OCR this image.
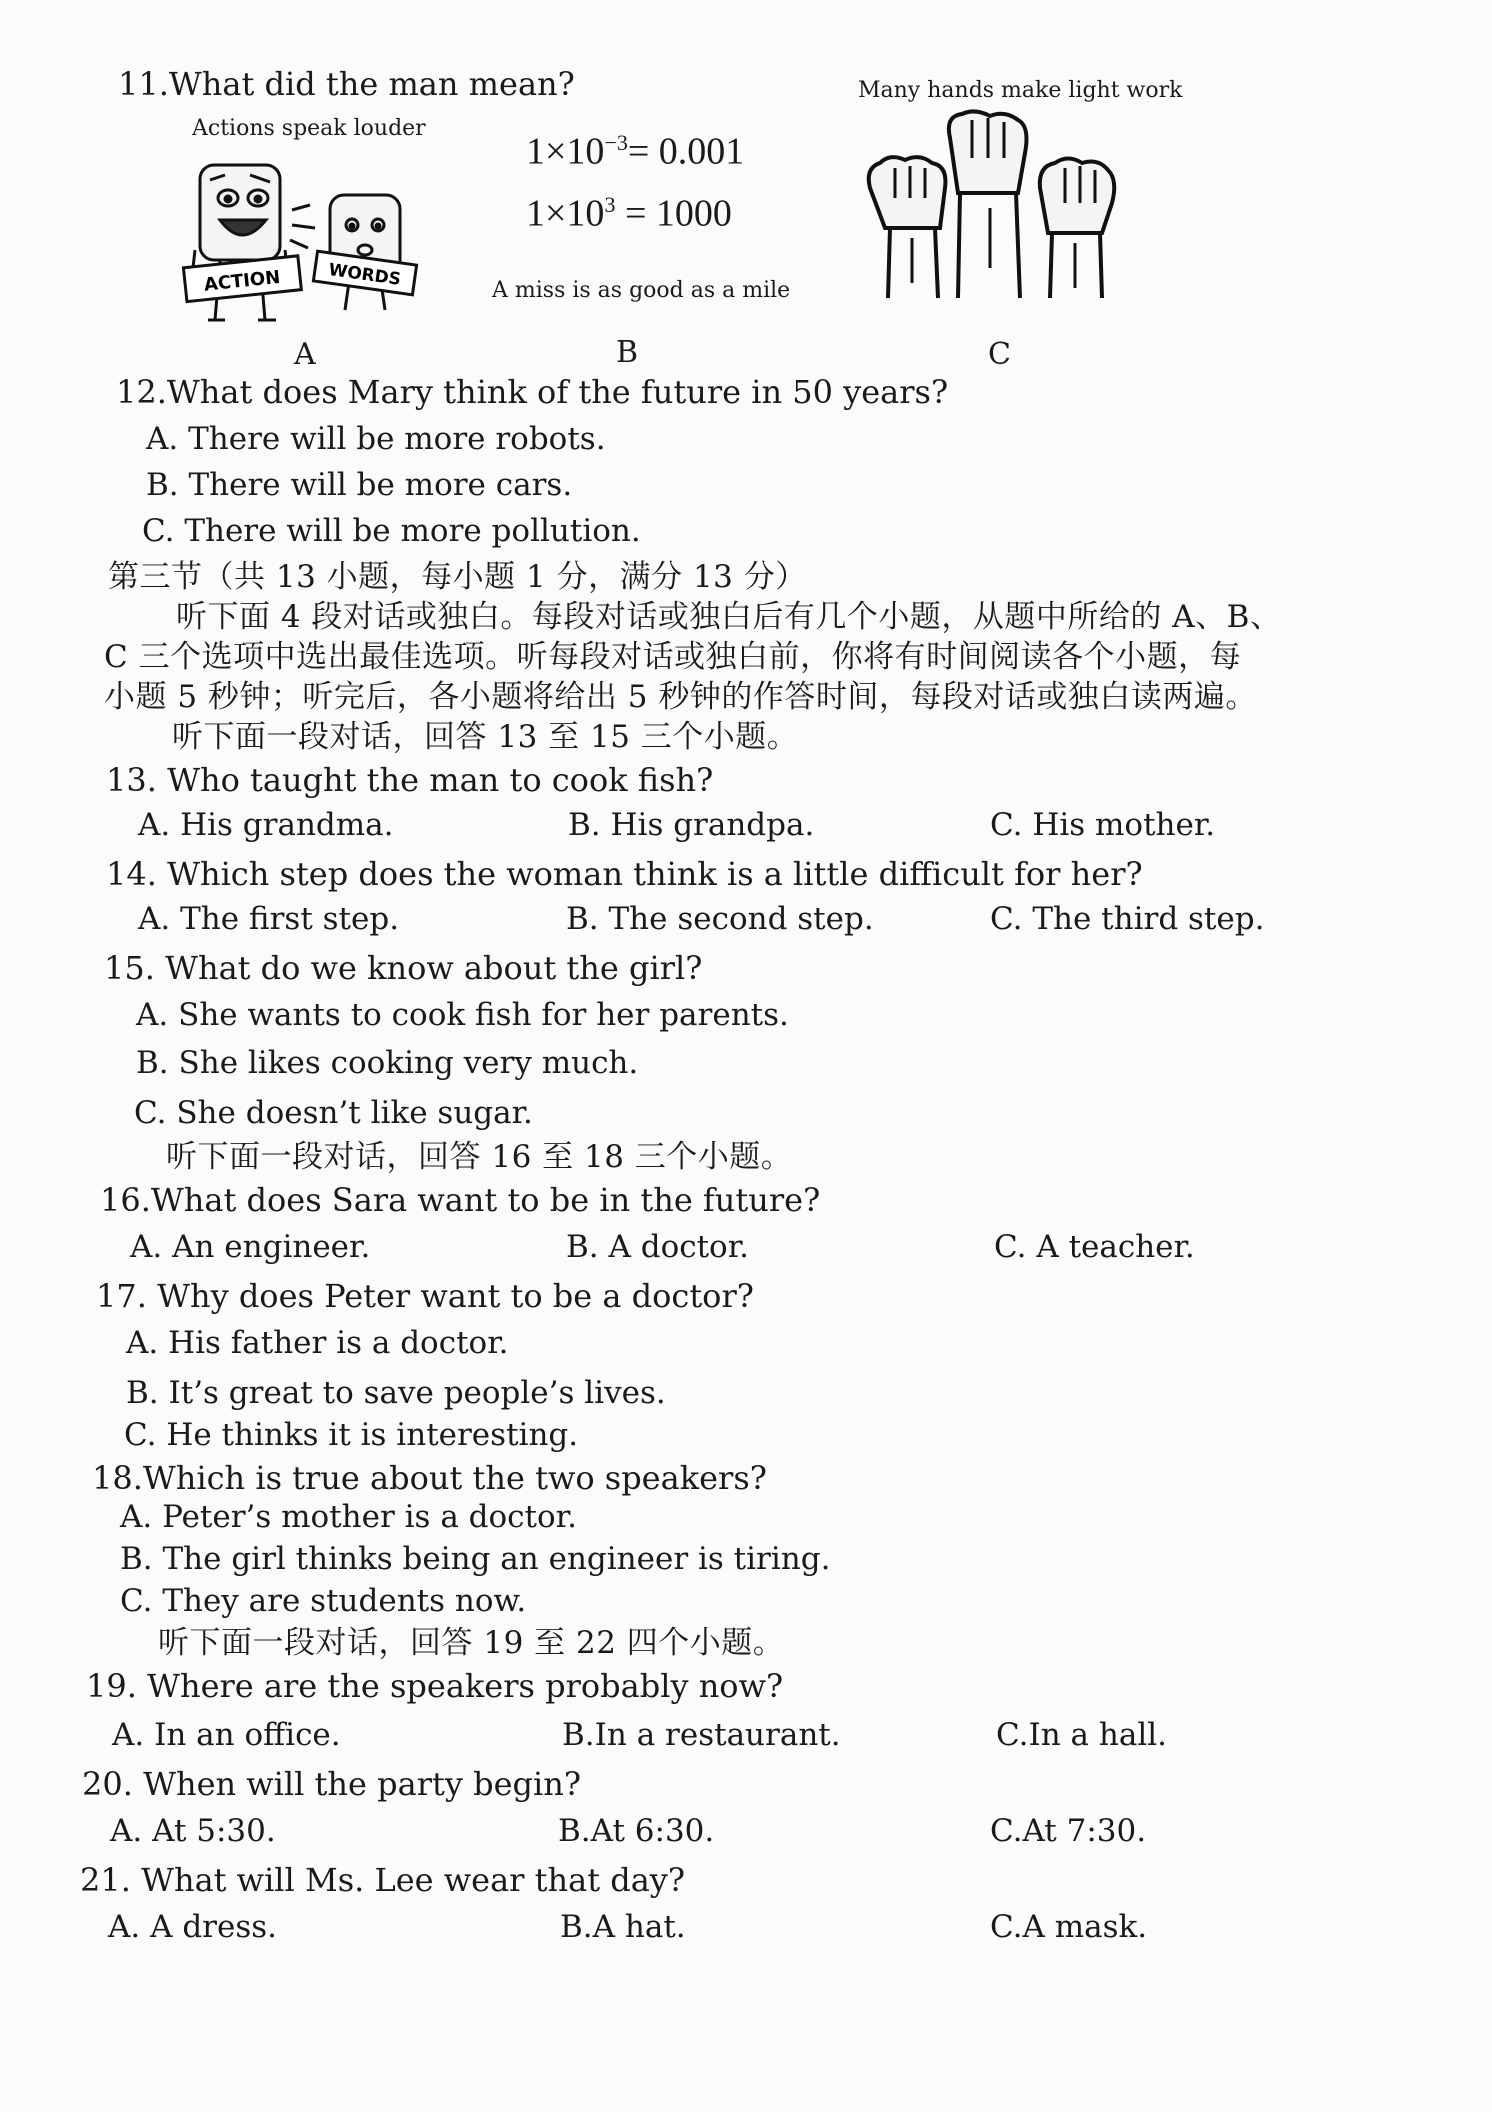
11.What did the man mean?
Actions speak louder
ACTION	WORDS
A
$1\times 10^{-3}= 0.001$
$1\times 10^3 = 1000$
A miss is as good as a mile
B
Many hands make light work
C
12.What does Mary think of the future in 50 years?
A. There will be more robots.
B. There will be more cars.
C. There will be more pollution.
第三节（共 13 小题，每小题 1 分，满分 13 分）
听下面 4 段对话或独白。每段对话或独白后有几个小题，从题中所给的 A、B、
C 三个选项中选出最佳选项。听每段对话或独白前，你将有时间阅读各个小题，每
小题 5 秒钟；听完后，各小题将给出 5 秒钟的作答时间，每段对话或独白读两遍。
听下面一段对话，回答 13 至 15 三个小题。
13. Who taught the man to cook fish?
A. His grandma.	B. His grandpa.	C. His mother.
14. Which step does the woman think is a little difficult for her?
A. The first step.	B. The second step.	C. The third step.
15. What do we know about the girl?
A. She wants to cook fish for her parents.
B. She likes cooking very much.
C. She doesn’t like sugar.
听下面一段对话，回答 16 至 18 三个小题。
16.What does Sara want to be in the future?
A. An engineer.	B. A doctor.	C. A teacher.
17. Why does Peter want to be a doctor?
A. His father is a doctor.
B. It’s great to save people’s lives.
C. He thinks it is interesting.
18.Which is true about the two speakers?
A. Peter’s mother is a doctor.
B. The girl thinks being an engineer is tiring.
C. They are students now.
听下面一段对话，回答 19 至 22 四个小题。
19. Where are the speakers probably now?
A. In an office.	B.In a restaurant.	C.In a hall.
20. When will the party begin?
A. At 5:30.	B.At 6:30.	C.At 7:30.
21. What will Ms. Lee wear that day?
A. A dress.	B.A hat.	C.A mask.
